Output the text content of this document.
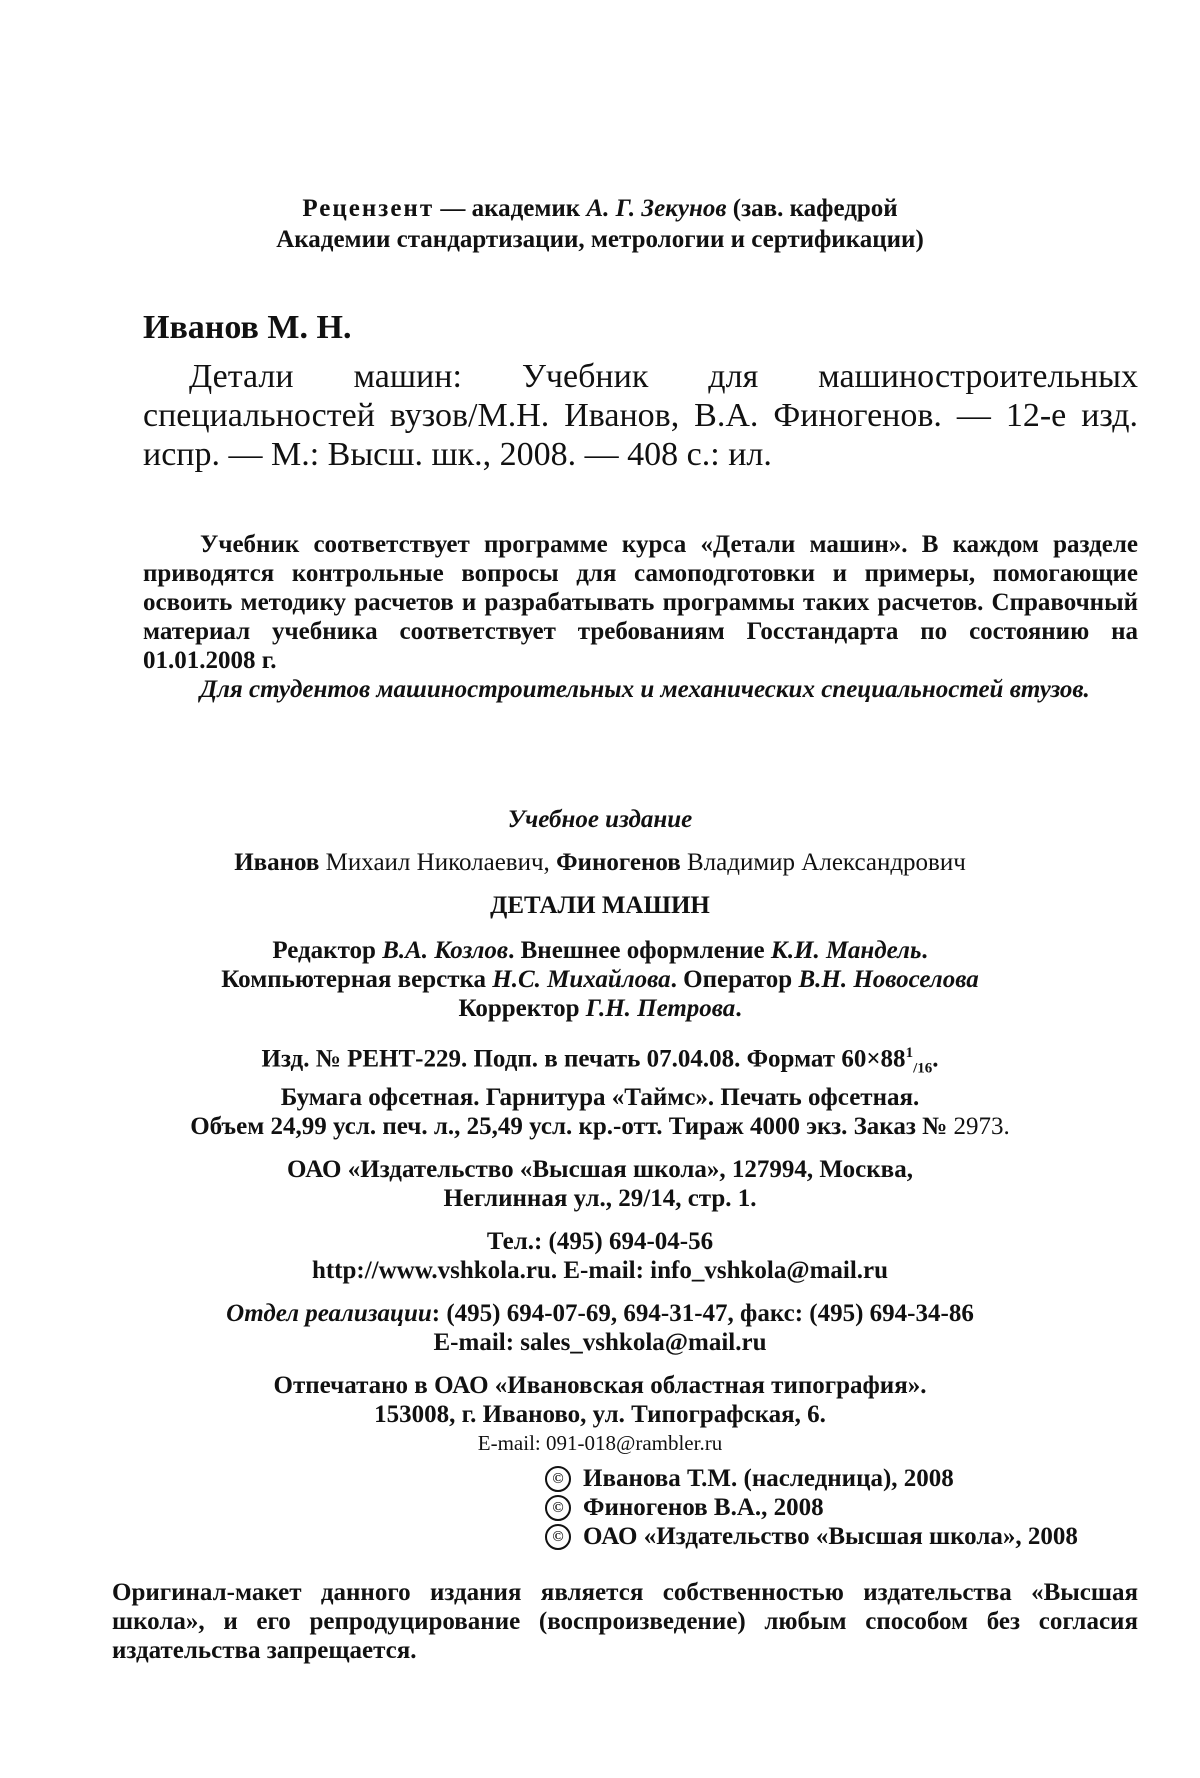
Рецензент — академик А. Г. Зекунов (зав. кафедрой
Академии стандартизации, метрологии и сертификации)
Иванов М. Н.
Детали машин: Учебник для машиностроительных специальностей вузов/М.Н. Иванов, В.А. Финогенов. — 12-е изд. испр. — М.: Высш. шк., 2008. — 408 с.: ил.

Учебник соответствует программе курса «Детали машин». В каждом разделе приводятся контрольные вопросы для самоподготовки и примеры, помогающие освоить методику расчетов и разрабатывать программы таких расчетов. Справочный материал учебника соответствует требованиям Госстандарта по состоянию на 01.01.2008 г.

Для студентов машиностроительных и механических специальностей втузов.

Учебное издание
Иванов Михаил Николаевич, Финогенов Владимир Александрович
ДЕТАЛИ МАШИН
Редактор В.А. Козлов. Внешнее оформление К.И. Мандель.
Компьютерная верстка Н.С. Михайлова. Оператор В.Н. Новоселова
Корректор Г.Н. Петрова.
Изд. № РЕНТ-229. Подп. в печать 07.04.08. Формат $60\times 88^1_{/16}$.
Бумага офсетная. Гарнитура «Таймс». Печать офсетная.
Объем 24,99 усл. печ. л., 25,49 усл. кр.-отт. Тираж 4000 экз. Заказ № 2973.
ОАО «Издательство «Высшая школа», 127994, Москва,
Неглинная ул., 29/14, стр. 1.
Тел.: (495) 694-04-56
http://www.vshkola.ru. E-mail: info_vshkola@mail.ru
Отдел реализации: (495) 694-07-69, 694-31-47, факс: (495) 694-34-86
E-mail: sales_vshkola@mail.ru
Отпечатано в ОАО «Ивановская областная типография».
153008, г. Иваново, ул. Типографская, 6.
E-mail: 091-018@rambler.ru
© Иванова Т.М. (наследница), 2008
© Финогенов В.А., 2008
© ОАО «Издательство «Высшая школа», 2008

Оригинал-макет данного издания является собственностью издательства «Высшая школа», и его репродуцирование (воспроизведение) любым способом без согласия издательства запрещается.
